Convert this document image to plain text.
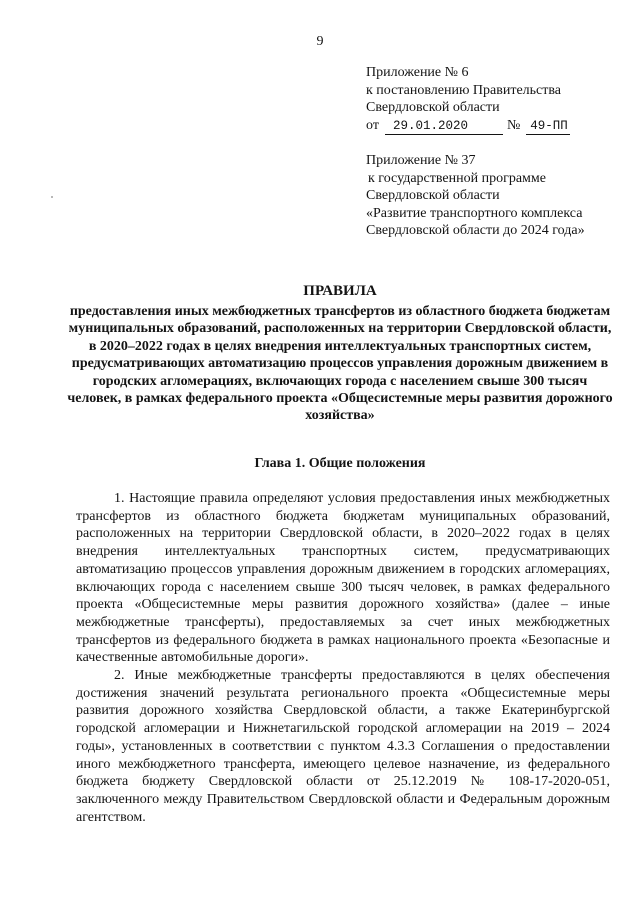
9
Приложение № 6
к постановлению Правительства
Свердловской области
от	29.01.2020	№ 49-ПП
Приложение № 37
к государственной программе
Свердловской области
«Развитие транспортного комплекса
Свердловской области до 2024 года»
ПРАВИЛА
предоставления иных межбюджетных трансфертов из областного бюджета бюджетам муниципальных образований, расположенных на территории Свердловской области, в 2020–2022 годах в целях внедрения интеллектуальных транспортных систем, предусматривающих автоматизацию процессов управления дорожным движением в городских агломерациях, включающих города с населением свыше 300 тысяч человек, в рамках федерального проекта «Общесистемные меры развития дорожного хозяйства»
Глава 1. Общие положения

1. Настоящие правила определяют условия предоставления иных межбюджетных трансфертов из областного бюджета бюджетам муниципальных образований, расположенных на территории Свердловской области, в 2020–2022 годах в целях внедрения интеллектуальных транспортных систем, предусматривающих автоматизацию процессов управления дорожным движением в городских агломерациях, включающих города с населением свыше 300 тысяч человек, в рамках федерального проекта «Общесистемные меры развития дорожного хозяйства» (далее – иные межбюджетные трансферты), предоставляемых за счет иных межбюджетных трансфертов из федерального бюджета в рамках национального проекта «Безопасные и качественные автомобильные дороги».

2. Иные межбюджетные трансферты предоставляются в целях обеспечения достижения значений результата регионального проекта «Общесистемные меры развития дорожного хозяйства Свердловской области, а также Екатеринбургской городской агломерации и Нижнетагильской городской агломерации на 2019 – 2024 годы», установленных в соответствии с пунктом 4.3.3 Соглашения о предоставлении иного межбюджетного трансферта, имеющего целевое назначение, из федерального бюджета бюджету Свердловской области от 25.12.2019 № 108-17-2020-051, заключенного между Правительством Свердловской области и Федеральным дорожным агентством.
